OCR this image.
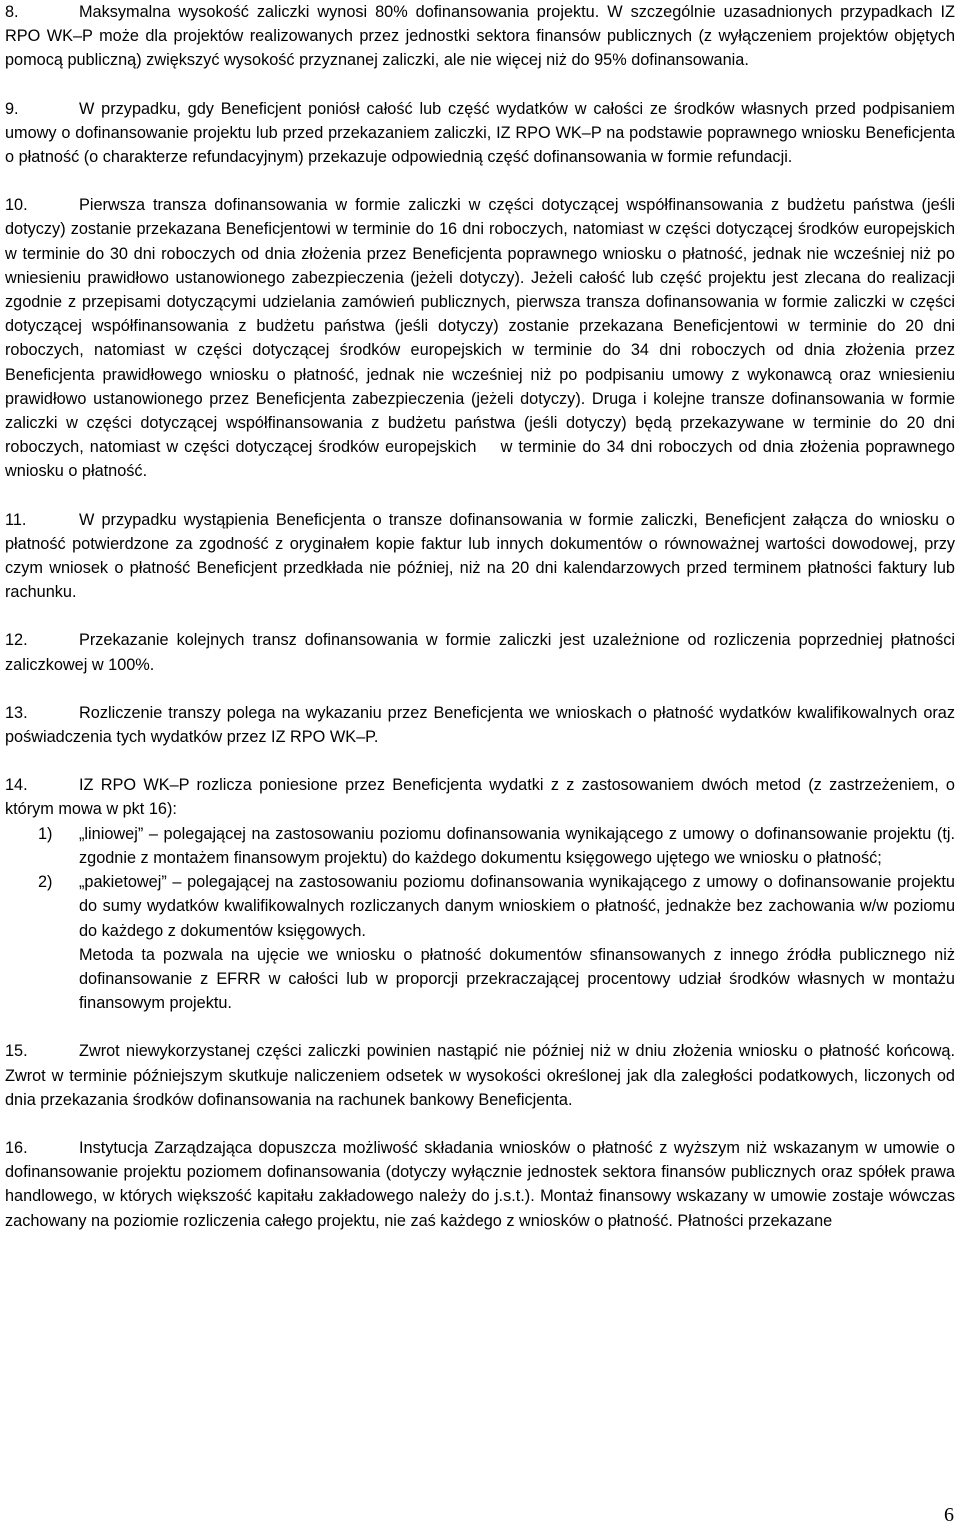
8.	Maksymalna wysokość zaliczki wynosi 80% dofinansowania projektu. W szczególnie uzasadnionych przypadkach IZ RPO WK–P może dla projektów realizowanych przez jednostki sektora finansów publicznych (z wyłączeniem projektów objętych pomocą publiczną) zwiększyć wysokość przyznanej zaliczki, ale nie więcej niż do 95% dofinansowania.

9.	W przypadku, gdy Beneficjent poniósł całość lub część wydatków w całości ze środków własnych przed podpisaniem umowy o dofinansowanie projektu lub przed przekazaniem zaliczki, IZ RPO WK–P na podstawie poprawnego wniosku Beneficjenta o płatność (o charakterze refundacyjnym) przekazuje odpowiednią część dofinansowania w formie refundacji.

10.	Pierwsza transza dofinansowania w formie zaliczki w części dotyczącej współfinansowania z budżetu państwa (jeśli dotyczy) zostanie przekazana Beneficjentowi w terminie do 16 dni roboczych, natomiast w części dotyczącej środków europejskich w terminie do 30 dni roboczych od dnia złożenia przez Beneficjenta poprawnego wniosku o płatność, jednak nie wcześniej niż po wniesieniu prawidłowo ustanowionego zabezpieczenia (jeżeli dotyczy). Jeżeli całość lub część projektu jest zlecana do realizacji zgodnie z przepisami dotyczącymi udzielania zamówień publicznych, pierwsza transza dofinansowania w formie zaliczki w części dotyczącej współfinansowania z budżetu państwa (jeśli dotyczy) zostanie przekazana Beneficjentowi w terminie do 20 dni roboczych, natomiast w części dotyczącej środków europejskich w terminie do 34 dni roboczych od dnia złożenia przez Beneficjenta prawidłowego wniosku o płatność, jednak nie wcześniej niż po podpisaniu umowy z wykonawcą oraz wniesieniu prawidłowo ustanowionego przez Beneficjenta zabezpieczenia (jeżeli dotyczy). Druga i kolejne transze dofinansowania w formie zaliczki w części dotyczącej współfinansowania z budżetu państwa (jeśli dotyczy) będą przekazywane w terminie do 20 dni roboczych, natomiast w części dotyczącej środków europejskich    w terminie do 34 dni roboczych od dnia złożenia poprawnego wniosku o płatność.

11.	W przypadku wystąpienia Beneficjenta o transze dofinansowania w formie zaliczki, Beneficjent załącza do wniosku o płatność potwierdzone za zgodność z oryginałem kopie faktur lub innych dokumentów o równoważnej wartości dowodowej, przy czym wniosek o płatność Beneficjent przedkłada nie później, niż na 20 dni kalendarzowych przed terminem płatności faktury lub rachunku.

12.	Przekazanie kolejnych transz dofinansowania w formie zaliczki jest uzależnione od rozliczenia poprzedniej płatności zaliczkowej w 100%.

13.	Rozliczenie transzy polega na wykazaniu przez Beneficjenta we wnioskach o płatność wydatków kwalifikowalnych oraz poświadczenia tych wydatków przez IZ RPO WK–P.

14.	IZ RPO WK–P rozlicza poniesione przez Beneficjenta wydatki z z zastosowaniem dwóch metod (z zastrzeżeniem, o którym mowa w pkt 16):

1) „liniowej” – polegającej na zastosowaniu poziomu dofinansowania wynikającego z umowy o dofinansowanie projektu (tj. zgodnie z montażem finansowym projektu) do każdego dokumentu księgowego ujętego we wniosku o płatność;
2) „pakietowej” – polegającej na zastosowaniu poziomu dofinansowania wynikającego z umowy o dofinansowanie projektu do sumy wydatków kwalifikowalnych rozliczanych danym wnioskiem o płatność, jednakże bez zachowania w/w poziomu do każdego z dokumentów księgowych.
Metoda ta pozwala na ujęcie we wniosku o płatność dokumentów sfinansowanych z innego źródła publicznego niż dofinansowanie z EFRR w całości lub w proporcji przekraczającej procentowy udział środków własnych w montażu finansowym projektu.

15.	Zwrot niewykorzystanej części zaliczki powinien nastąpić nie później niż w dniu złożenia wniosku o płatność końcową. Zwrot w terminie późniejszym skutkuje naliczeniem odsetek w wysokości określonej jak dla zaległości podatkowych, liczonych od dnia przekazania środków dofinansowania na rachunek bankowy Beneficjenta.

16.	Instytucja Zarządzająca dopuszcza możliwość składania wniosków o płatność z wyższym niż wskazanym w umowie o dofinansowanie projektu poziomem dofinansowania (dotyczy wyłącznie jednostek sektora finansów publicznych oraz spółek prawa handlowego, w których większość kapitału zakładowego należy do j.s.t.). Montaż finansowy wskazany w umowie zostaje wówczas zachowany na poziomie rozliczenia całego projektu, nie zaś każdego z wniosków o płatność. Płatności przekazane

6
